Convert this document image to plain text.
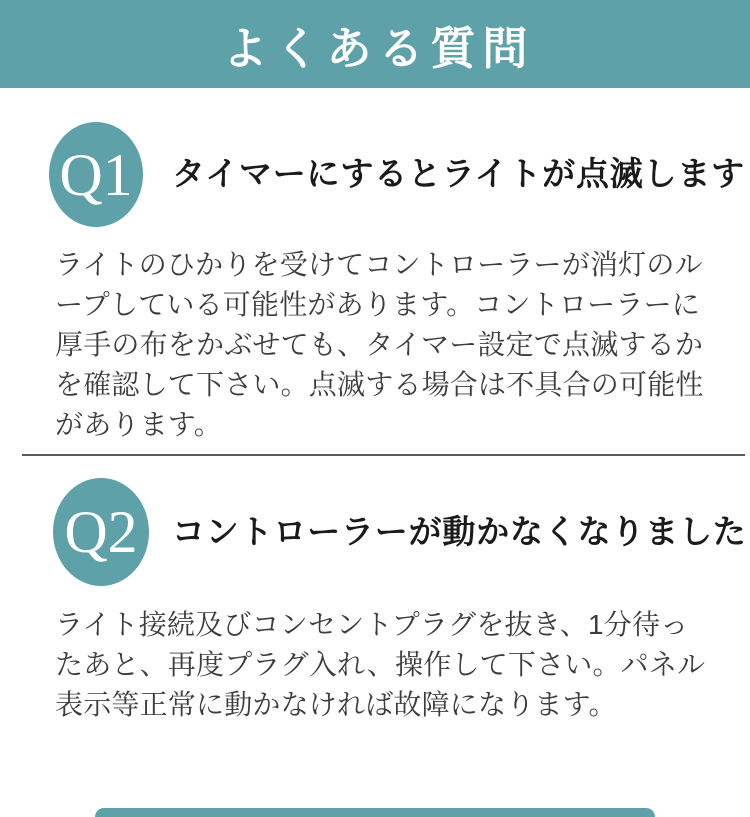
よくある質問
Q1 タイマーにするとライトが点滅します
ライトのひかりを受けてコントローラーが消灯のル
ープしている可能性があります。コントローラーに
厚手の布をかぶせても、タイマー設定で点滅するか
を確認して下さい。点滅する場合は不具合の可能性
があります。
Q2 コントローラーが動かなくなりました
ライト接続及びコンセントプラグを抜き、1分待っ
たあと、再度プラグ入れ、操作して下さい。パネル
表示等正常に動かなければ故障になります。
